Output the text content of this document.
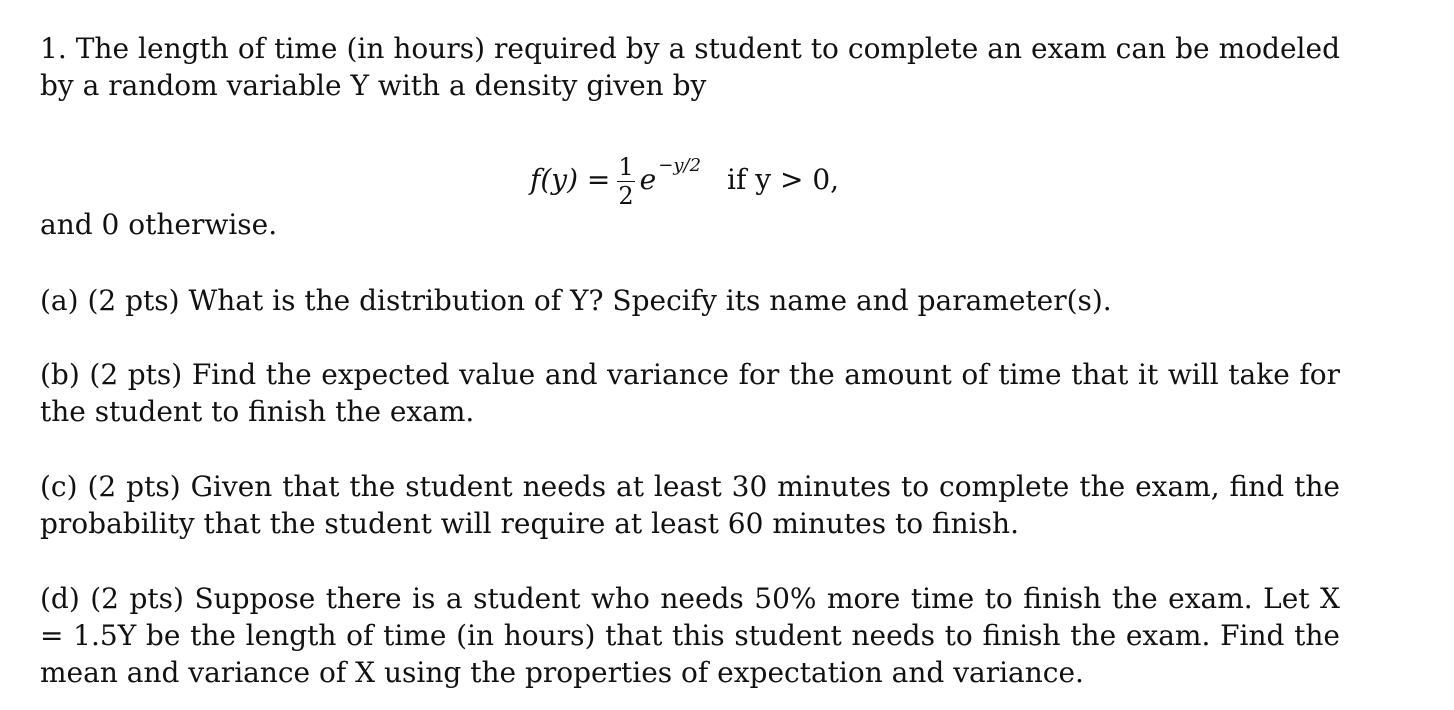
1. The length of time (in hours) required by a student to complete an exam can be modeled by a random variable Y with a density given by

$f(y) = \frac{1}{2}$ e −y/2 if y > 0,

and 0 otherwise.

(a) (2 pts) What is the distribution of Y? Specify its name and parameter(s).

(b) (2 pts) Find the expected value and variance for the amount of time that it will take for the student to finish the exam.

(c) (2 pts) Given that the student needs at least 30 minutes to complete the exam, find the probability that the student will require at least 60 minutes to finish.

(d) (2 pts) Suppose there is a student who needs 50% more time to finish the exam. Let X = 1.5Y be the length of time (in hours) that this student needs to finish the exam. Find the mean and variance of X using the properties of expectation and variance.
